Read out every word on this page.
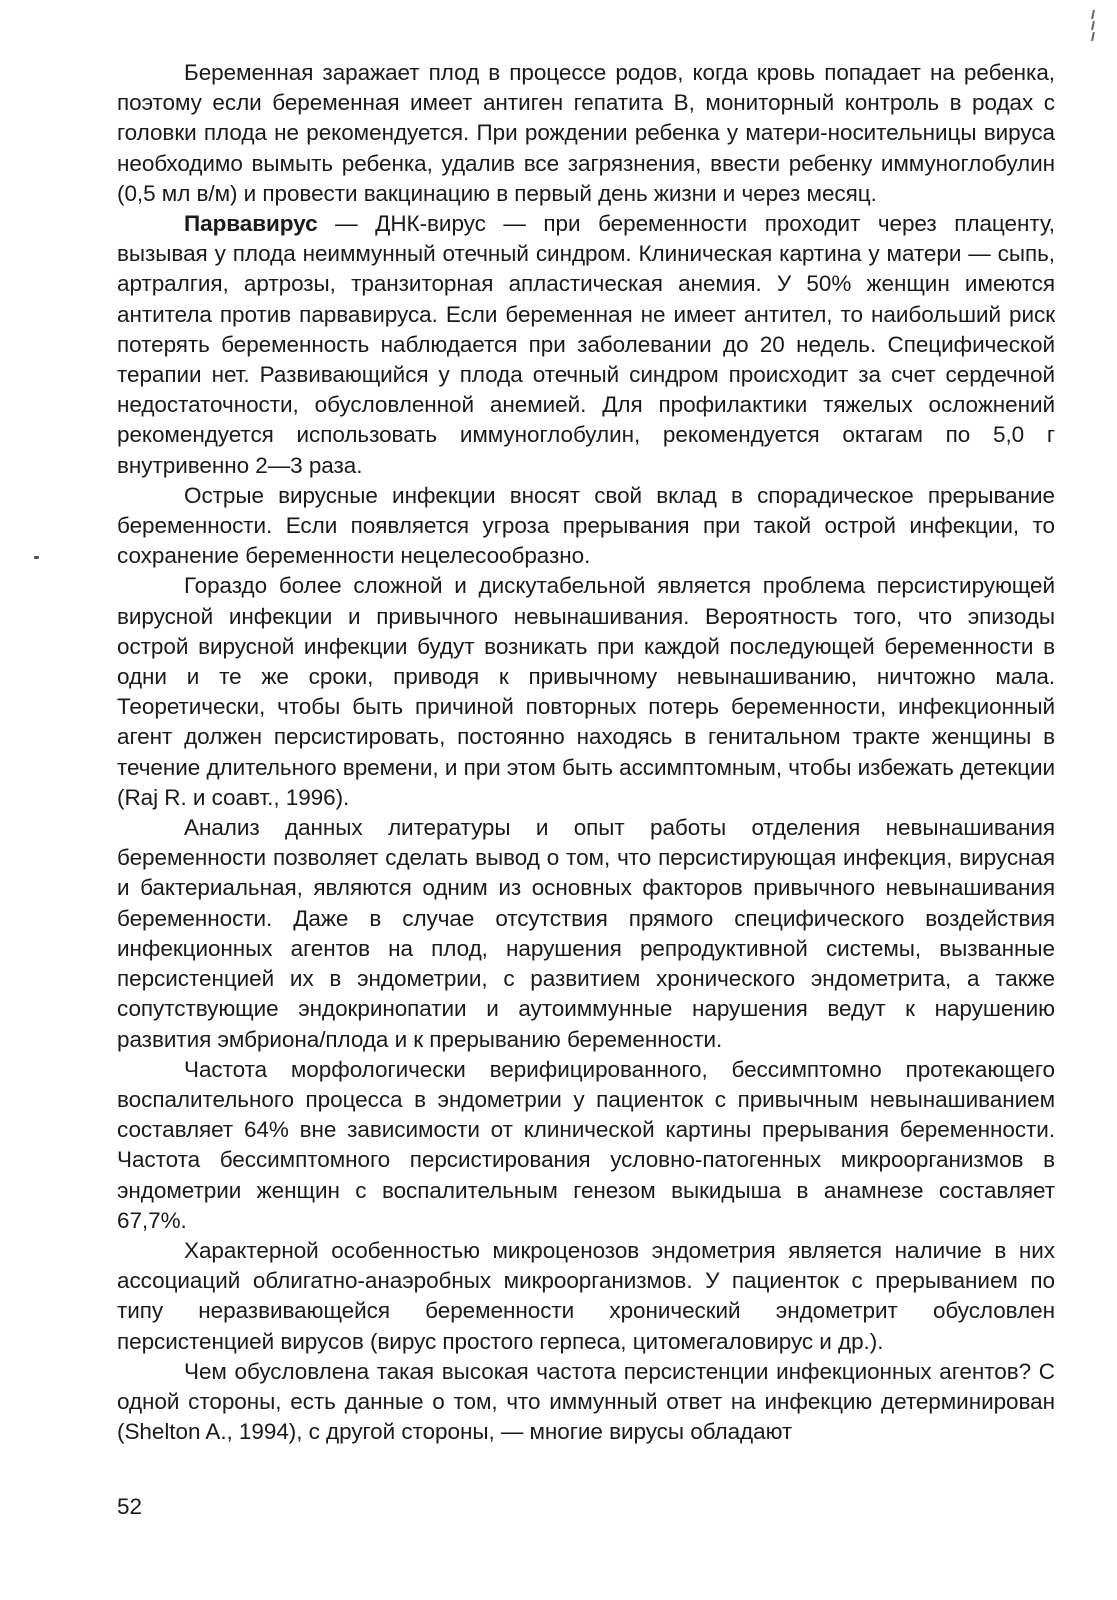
Беременная заражает плод в процессе родов, когда кровь попадает на ребенка, поэтому если беременная имеет антиген гепатита В, мониторный контроль в родах с головки плода не рекомендуется. При рождении ребенка у матери-носительницы вируса необходимо вымыть ребенка, удалив все загрязнения, ввести ребенку иммуноглобулин (0,5 мл в/м) и провести вакцинацию в первый день жизни и через месяц.

Парвавирус — ДНК-вирус — при беременности проходит через плаценту, вызывая у плода неиммунный отечный синдром. Клиническая картина у матери — сыпь, артралгия, артрозы, транзиторная апластическая анемия. У 50% женщин имеются антитела против парвавируса. Если беременная не имеет антител, то наибольший риск потерять беременность наблюдается при заболевании до 20 недель. Специфической терапии нет. Развивающийся у плода отечный синдром происходит за счет сердечной недостаточности, обусловленной анемией. Для профилактики тяжелых осложнений рекомендуется использовать иммуноглобулин, рекомендуется октагам по 5,0 г внутривенно 2—3 раза.

Острые вирусные инфекции вносят свой вклад в спорадическое прерывание беременности. Если появляется угроза прерывания при такой острой инфекции, то сохранение беременности нецелесообразно.

Гораздо более сложной и дискутабельной является проблема персистирующей вирусной инфекции и привычного невынашивания. Вероятность того, что эпизоды острой вирусной инфекции будут возникать при каждой последующей беременности в одни и те же сроки, приводя к привычному невынашиванию, ничтожно мала. Теоретически, чтобы быть причиной повторных потерь беременности, инфекционный агент должен персистировать, постоянно находясь в генитальном тракте женщины в течение длительного времени, и при этом быть ассимптомным, чтобы избежать детекции (Raj R. и соавт., 1996).

Анализ данных литературы и опыт работы отделения невынашивания беременности позволяет сделать вывод о том, что персистирующая инфекция, вирусная и бактериальная, являются одним из основных факторов привычного невынашивания беременности. Даже в случае отсутствия прямого специфического воздействия инфекционных агентов на плод, нарушения репродуктивной системы, вызванные персистенцией их в эндометрии, с развитием хронического эндометрита, а также сопутствующие эндокринопатии и аутоиммунные нарушения ведут к нарушению развития эмбриона/плода и к прерыванию беременности.

Частота морфологически верифицированного, бессимптомно протекающего воспалительного процесса в эндометрии у пациенток с привычным невынашиванием составляет 64% вне зависимости от клинической картины прерывания беременности. Частота бессимптомного персистирования условно-патогенных микроорганизмов в эндометрии женщин с воспалительным генезом выкидыша в анамнезе составляет 67,7%.

Характерной особенностью микроценозов эндометрия является наличие в них ассоциаций облигатно-анаэробных микроорганизмов. У пациенток с прерыванием по типу неразвивающейся беременности хронический эндометрит обусловлен персистенцией вирусов (вирус простого герпеса, цитомегаловирус и др.).

Чем обусловлена такая высокая частота персистенции инфекционных агентов? С одной стороны, есть данные о том, что иммунный ответ на инфекцию детерминирован (Shelton A., 1994), с другой стороны, — многие вирусы обладают

52
